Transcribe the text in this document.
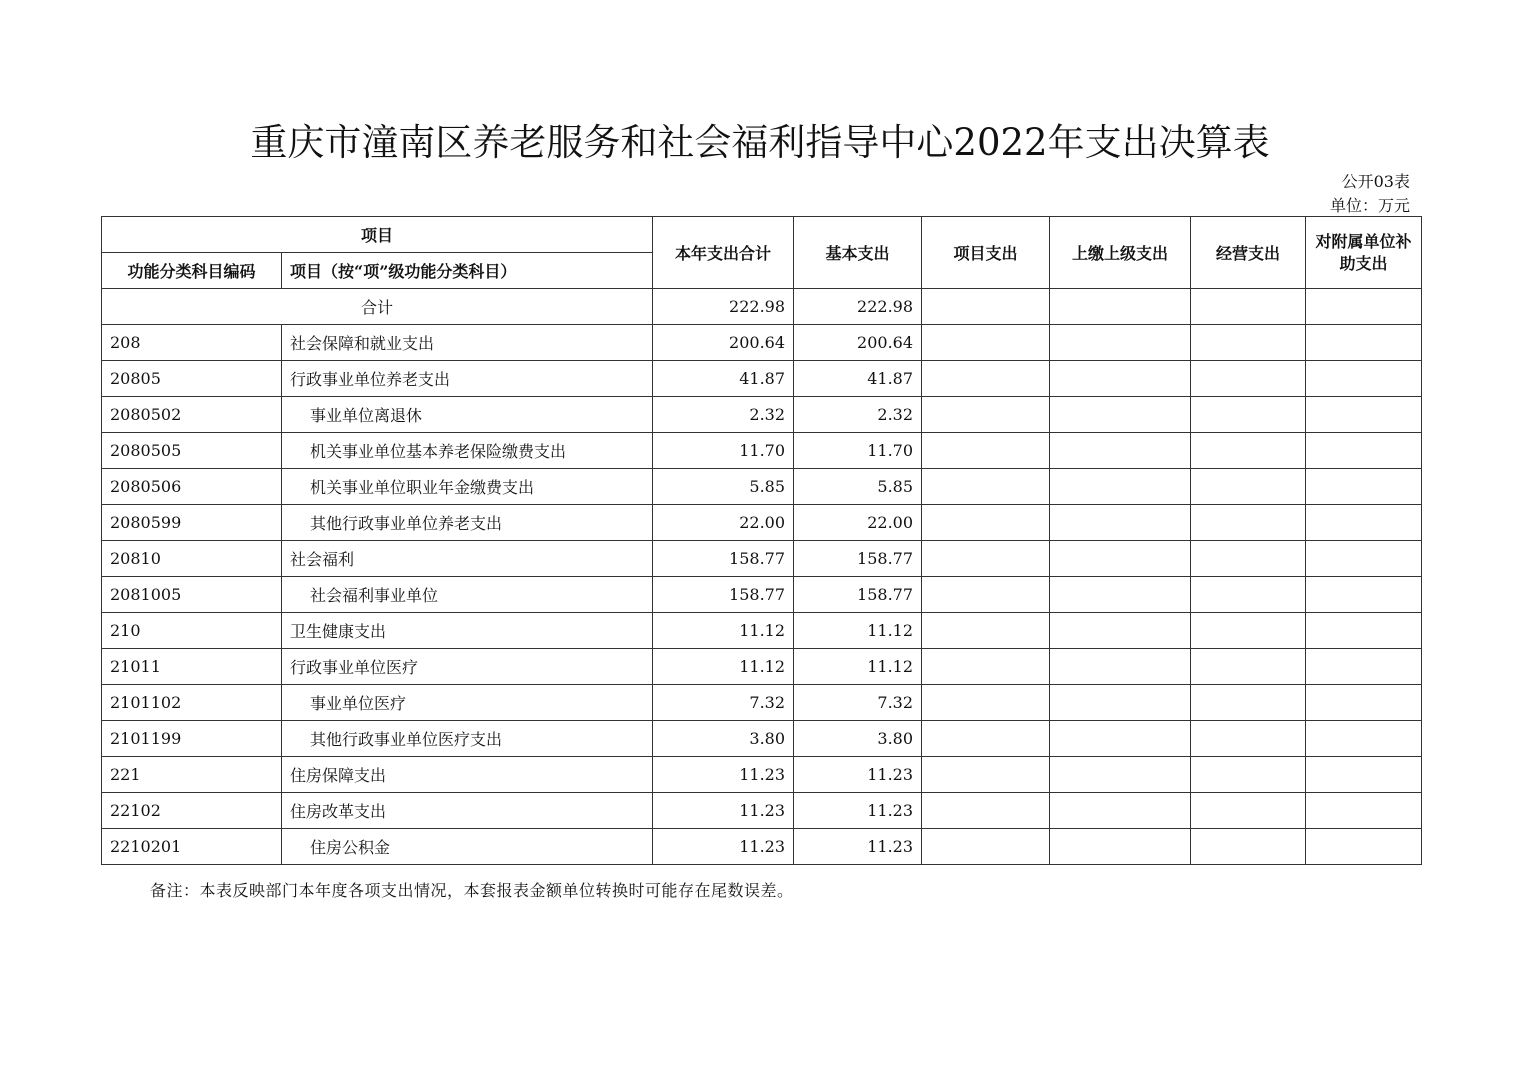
重庆市潼南区养老服务和社会福利指导中心2022年支出决算表
公开03表
单位：万元
项目		本年支出合计	基本支出	项目支出	上缴上级支出	经营支出	对附属单位补助支出
功能分类科目编码	项目（按“项”级功能分类科目）						
合计		222.98	222.98				
208	社会保障和就业支出	200.64	200.64				
20805	行政事业单位养老支出	41.87	41.87				
2080502	事业单位离退休	2.32	2.32				
2080505	机关事业单位基本养老保险缴费支出	11.70	11.70				
2080506	机关事业单位职业年金缴费支出	5.85	5.85				
2080599	其他行政事业单位养老支出	22.00	22.00				
20810	社会福利	158.77	158.77				
2081005	社会福利事业单位	158.77	158.77				
210	卫生健康支出	11.12	11.12				
21011	行政事业单位医疗	11.12	11.12				
2101102	事业单位医疗	7.32	7.32				
2101199	其他行政事业单位医疗支出	3.80	3.80				
221	住房保障支出	11.23	11.23				
22102	住房改革支出	11.23	11.23				
2210201	住房公积金	11.23	11.23				
备注：本表反映部门本年度各项支出情况，本套报表金额单位转换时可能存在尾数误差。
